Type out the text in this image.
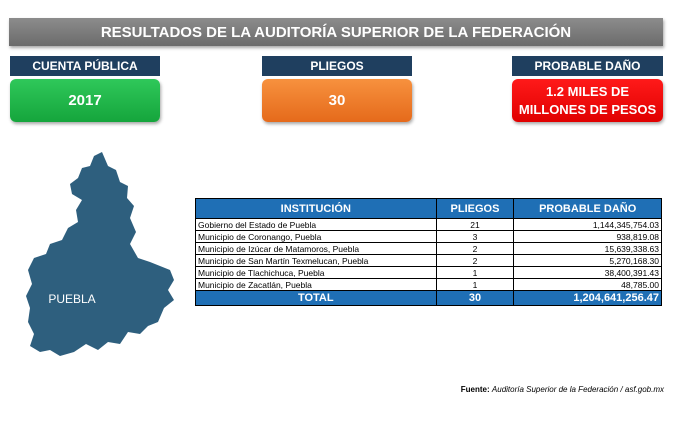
RESULTADOS DE LA AUDITORÍA SUPERIOR DE LA FEDERACIÓN
CUENTA PÚBLICA
2017
PLIEGOS
30
PROBABLE DAÑO
1.2 MILES DE MILLONES DE PESOS
PUEBLA
INSTITUCIÓN	PLIEGOS	PROBABLE DAÑO
Gobierno del Estado de Puebla	21	1,144,345,754.03
Municipio de Coronango, Puebla	3	938,819.08
Municipio de Izúcar de Matamoros, Puebla	2	15,639,338.63
Municipio de San Martín Texmelucan, Puebla	2	5,270,168.30
Municipio de Tlachichuca, Puebla	1	38,400,391.43
Municipio de Zacatlán, Puebla	1	48,785.00
TOTAL	30	1,204,641,256.47
Fuente: Auditoría Superior de la Federación / asf.gob.mx
